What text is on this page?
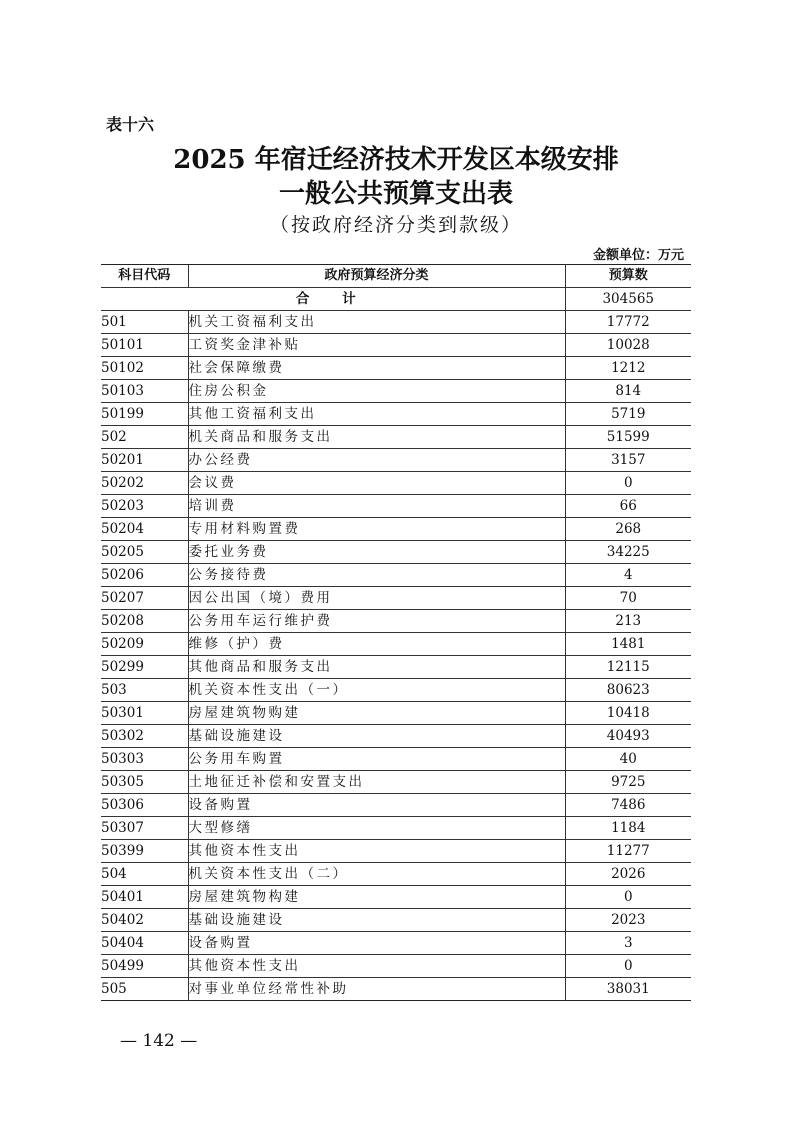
表十六
2025 年宿迁经济技术开发区本级安排
一般公共预算支出表
（按政府经济分类到款级）
金额单位：万元
科目代码	政府预算经济分类	预算数
合 计		304565
501	机关工资福利支出	17772
50101	工资奖金津补贴	10028
50102	社会保障缴费	1212
50103	住房公积金	814
50199	其他工资福利支出	5719
502	机关商品和服务支出	51599
50201	办公经费	3157
50202	会议费	0
50203	培训费	66
50204	专用材料购置费	268
50205	委托业务费	34225
50206	公务接待费	4
50207	因公出国（境）费用	70
50208	公务用车运行维护费	213
50209	维修（护）费	1481
50299	其他商品和服务支出	12115
503	机关资本性支出（一）	80623
50301	房屋建筑物购建	10418
50302	基础设施建设	40493
50303	公务用车购置	40
50305	土地征迁补偿和安置支出	9725
50306	设备购置	7486
50307	大型修缮	1184
50399	其他资本性支出	11277
504	机关资本性支出（二）	2026
50401	房屋建筑物构建	0
50402	基础设施建设	2023
50404	设备购置	3
50499	其他资本性支出	0
505	对事业单位经常性补助	38031
— 142 —
